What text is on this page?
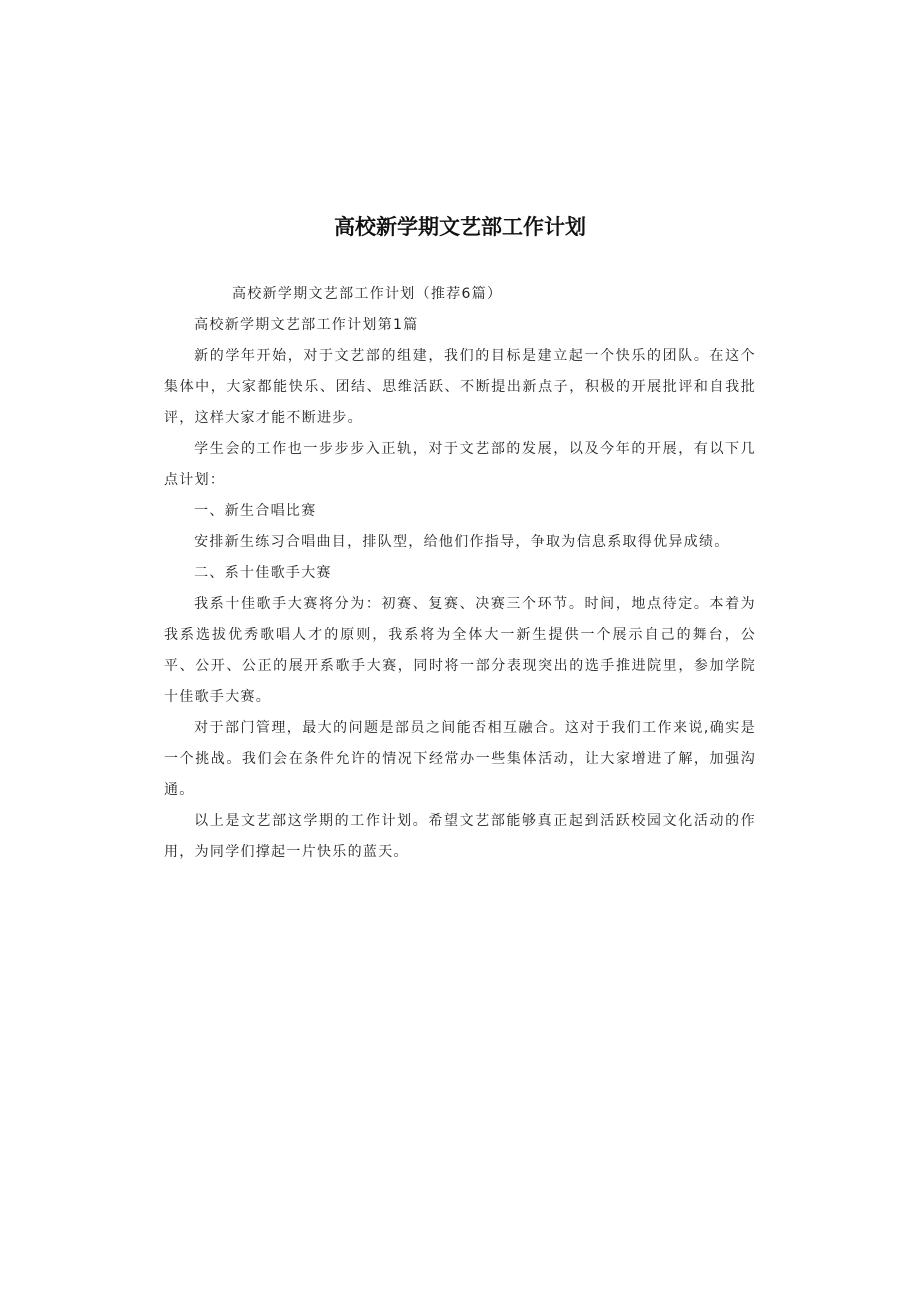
高校新学期文艺部工作计划

高校新学期文艺部工作计划（推荐6篇）

高校新学期文艺部工作计划第1篇

新的学年开始，对于文艺部的组建，我们的目标是建立起一个快乐的团队。在这个集体中，大家都能快乐、团结、思维活跃、不断提出新点子，积极的开展批评和自我批评，这样大家才能不断进步。

学生会的工作也一步步步入正轨，对于文艺部的发展，以及今年的开展，有以下几点计划：

一、新生合唱比赛

安排新生练习合唱曲目，排队型，给他们作指导，争取为信息系取得优异成绩。

二、系十佳歌手大赛

我系十佳歌手大赛将分为：初赛、复赛、决赛三个环节。时间，地点待定。本着为我系选拔优秀歌唱人才的原则，我系将为全体大一新生提供一个展示自己的舞台，公平、公开、公正的展开系歌手大赛，同时将一部分表现突出的选手推进院里，参加学院十佳歌手大赛。

对于部门管理，最大的问题是部员之间能否相互融合。这对于我们工作来说,确实是一个挑战。我们会在条件允许的情况下经常办一些集体活动，让大家增进了解，加强沟通。

以上是文艺部这学期的工作计划。希望文艺部能够真正起到活跃校园文化活动的作用，为同学们撑起一片快乐的蓝天。
